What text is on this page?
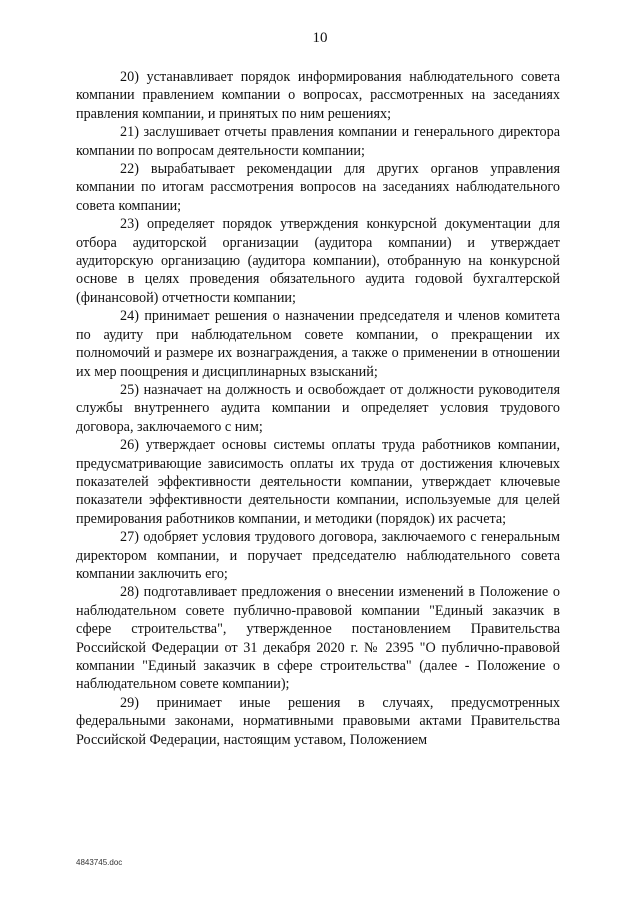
10

20) устанавливает порядок информирования наблюдательного совета компании правлением компании о вопросах, рассмотренных на заседаниях правления компании, и принятых по ним решениях;

21) заслушивает отчеты правления компании и генерального директора компании по вопросам деятельности компании;

22) вырабатывает рекомендации для других органов управления компании по итогам рассмотрения вопросов на заседаниях наблюдательного совета компании;

23) определяет порядок утверждения конкурсной документации для отбора аудиторской организации (аудитора компании) и утверждает аудиторскую организацию (аудитора компании), отобранную на конкурсной основе в целях проведения обязательного аудита годовой бухгалтерской (финансовой) отчетности компании;

24) принимает решения о назначении председателя и членов комитета по аудиту при наблюдательном совете компании, о прекращении их полномочий и размере их вознаграждения, а также о применении в отношении их мер поощрения и дисциплинарных взысканий;

25) назначает на должность и освобождает от должности руководителя службы внутреннего аудита компании и определяет условия трудового договора, заключаемого с ним;

26) утверждает основы системы оплаты труда работников компании, предусматривающие зависимость оплаты их труда от достижения ключевых показателей эффективности деятельности компании, утверждает ключевые показатели эффективности деятельности компании, используемые для целей премирования работников компании, и методики (порядок) их расчета;

27) одобряет условия трудового договора, заключаемого с генеральным директором компании, и поручает председателю наблюдательного совета компании заключить его;

28) подготавливает предложения о внесении изменений в Положение о наблюдательном совете публично-правовой компании "Единый заказчик в сфере строительства", утвержденное постановлением Правительства Российской Федерации от 31 декабря 2020 г. № 2395 "О публично-правовой компании "Единый заказчик в сфере строительства" (далее - Положение о наблюдательном совете компании);

29) принимает иные решения в случаях, предусмотренных федеральными законами, нормативными правовыми актами Правительства Российской Федерации, настоящим уставом, Положением

4843745.doc
